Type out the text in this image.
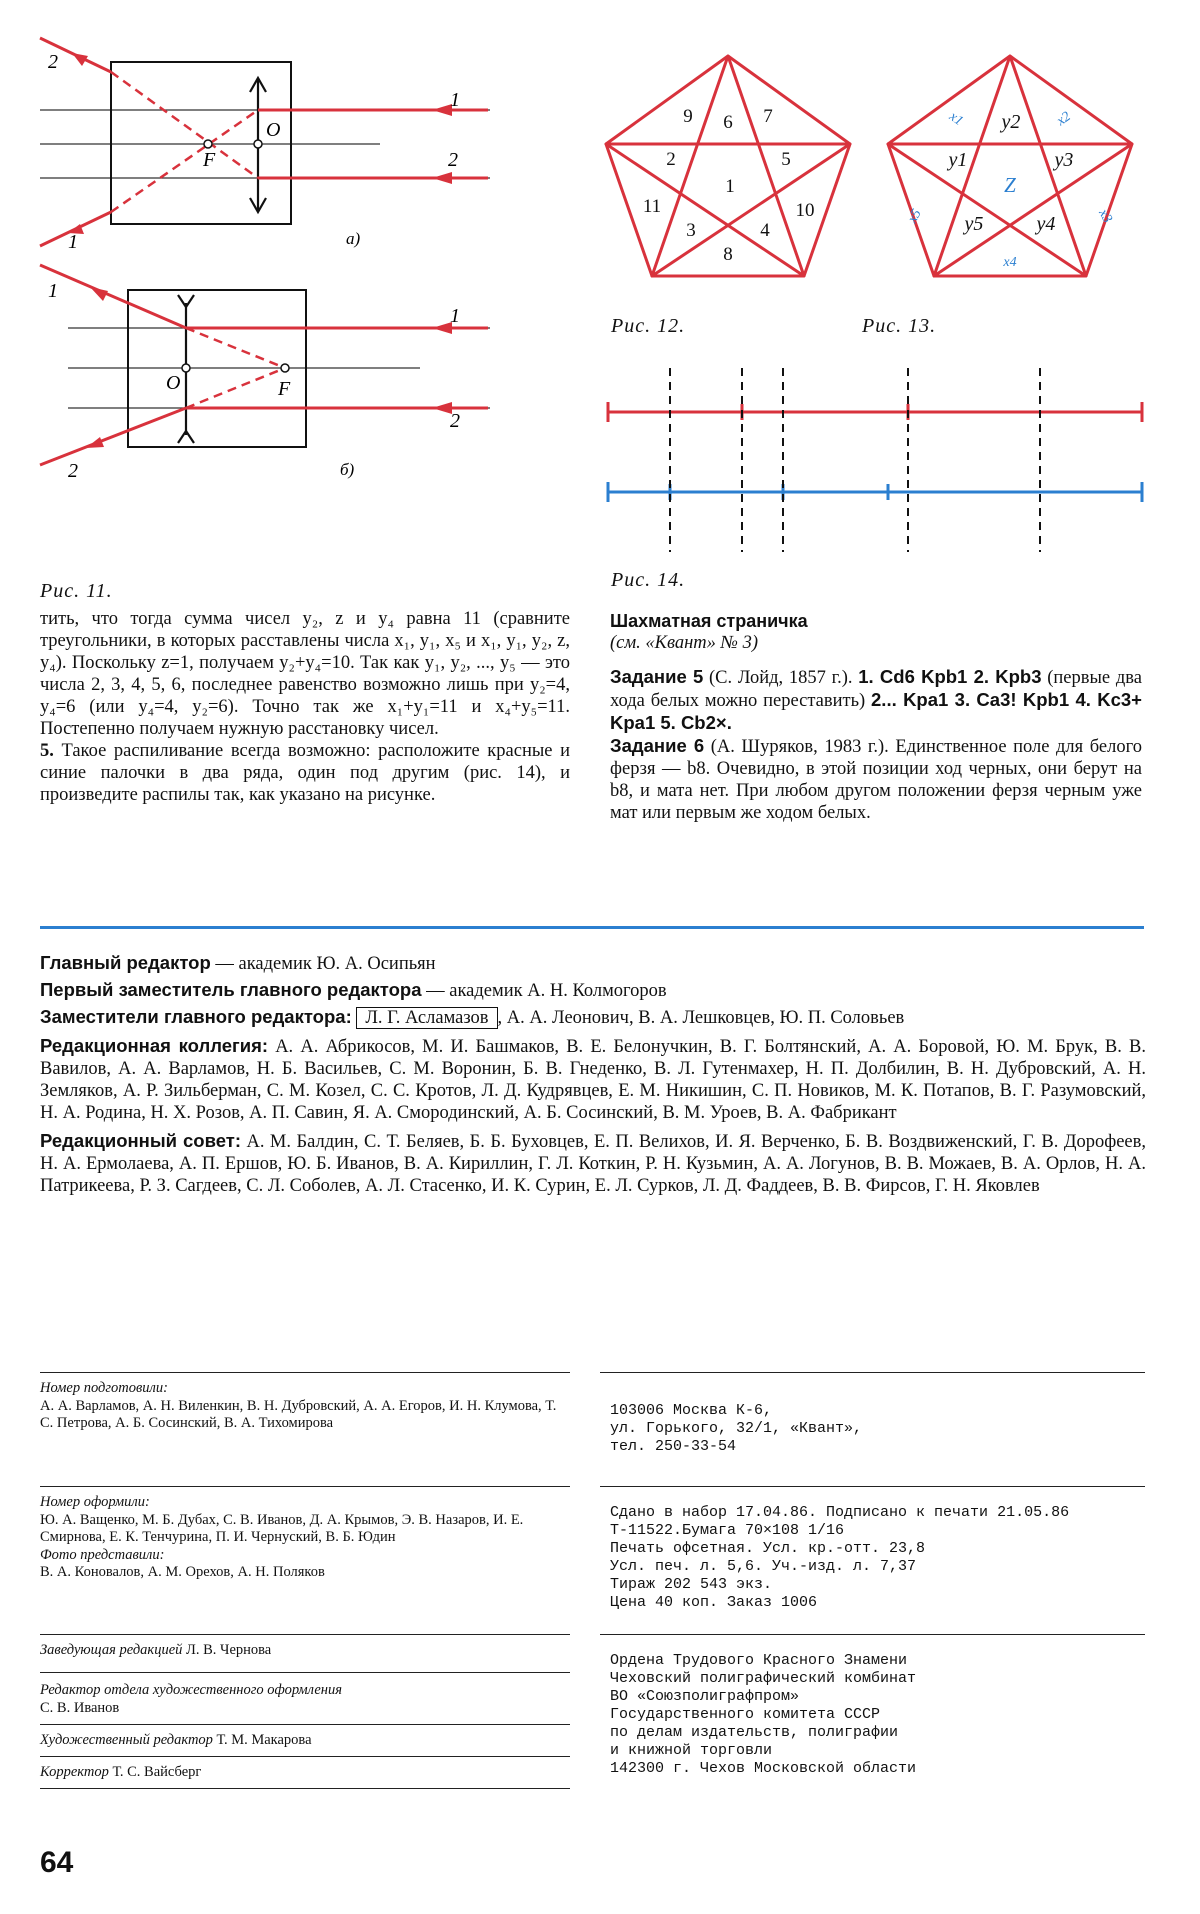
2
1
1
2
O
F
а)
1
2
1
2
O	F
б)
Рис. 11.
9 6 7
2
1
5
11	10
3	4
8
Рис. 12.
y2
y1	y3
y5	y4
Z
x1	x2
x3
x4
x5
Рис. 13.
Рис. 14.

тить, что тогда сумма чисел y₂, z и y₄ равна 11 (сравните треугольники, в которых расставлены числа x₁, y₁, x₅ и x₁, y₁, y₂, z, y₄). Поскольку z=1, получаем y₂+y₄=10. Так как y₁, y₂, ..., y₅ — это числа 2, 3, 4, 5, 6, последнее равенство возможно лишь при y₂=4, y₄=6 (или y₄=4, y₂=6). Точно так же x₁+y₁=11 и x₄+y₅=11. Постепенно получаем нужную расстановку чисел.

5. Такое распиливание всегда возможно: расположите красные и синие палочки в два ряда, один под другим (рис. 14), и произведите распилы так, как указано на рисунке.

Шахматная страничка

(см. «Квант» № 3)

Задание 5 (С. Лойд, 1857 г.). 1. Cd6 Kpb1 2. Kpb3 (первые два хода белых можно переставить) 2... Kpa1 3. Ca3! Kpb1 4. Kc3+ Kpa1 5. Cb2×.

Задание 6 (А. Шуряков, 1983 г.). Единственное поле для белого ферзя — b8. Очевидно, в этой позиции ход черных, они берут на b8, и мата нет. При любом другом положении ферзя черным уже мат или первым же ходом белых.

Главный редактор — академик Ю. А. Осипьян

Первый заместитель главного редактора — академик А. Н. Колмогоров

Заместители главного редактора: Л. Г. Асламазов , А. А. Леонович, В. А. Лешковцев, Ю. П. Соловьев

Редакционная коллегия: А. А. Абрикосов, М. И. Башмаков, В. Е. Белонучкин, В. Г. Болтянский, А. А. Боровой, Ю. М. Брук, В. В. Вавилов, А. А. Варламов, Н. Б. Васильев, С. М. Воронин, Б. В. Гнеденко, В. Л. Гутенмахер, Н. П. Долбилин, В. Н. Дубровский, А. Н. Земляков, А. Р. Зильберман, С. М. Козел, С. С. Кротов, Л. Д. Кудрявцев, Е. М. Никишин, С. П. Новиков, М. К. Потапов, В. Г. Разумовский, Н. А. Родина, Н. Х. Розов, А. П. Савин, Я. А. Смородинский, А. Б. Сосинский, В. М. Уроев, В. А. Фабрикант

Редакционный совет: А. М. Балдин, С. Т. Беляев, Б. Б. Буховцев, Е. П. Велихов, И. Я. Верченко, Б. В. Воздвиженский, Г. В. Дорофеев, Н. А. Ермолаева, А. П. Ершов, Ю. Б. Иванов, В. А. Кириллин, Г. Л. Коткин, Р. Н. Кузьмин, А. А. Логунов, В. В. Можаев, В. А. Орлов, Н. А. Патрикеева, Р. З. Сагдеев, С. Л. Соболев, А. Л. Стасенко, И. К. Сурин, Е. Л. Сурков, Л. Д. Фаддеев, В. В. Фирсов, Г. Н. Яковлев

Номер подготовили:
А. А. Варламов, А. Н. Виленкин, В. Н. Дубровский, А. А. Егоров, И. Н. Клумова, Т. С. Петрова, А. Б. Сосинский, В. А. Тихомирова
Номер оформили:
Ю. А. Ващенко, М. Б. Дубах, С. В. Иванов, Д. А. Крымов, Э. В. Назаров, И. Е. Смирнова, Е. К. Тенчурина, П. И. Чернуский, В. Б. Юдин
Фото представили:
В. А. Коновалов, А. М. Орехов, А. Н. Поляков
Заведующая редакцией Л. В. Чернова
Редактор отдела художественного оформления
С. В. Иванов
Художественный редактор Т. М. Макарова
Корректор Т. С. Вайсберг
103006 Москва К-6,
ул. Горького, 32/1, «Квант»,
тел. 250-33-54
Сдано в набор 17.04.86. Подписано к печати 21.05.86
Т-11522.Бумага 70×108 1/16
Печать офсетная. Усл. кр.-отт. 23,8
Усл. печ. л. 5,6. Уч.-изд. л. 7,37
Тираж 202 543 экз.
Цена 40 коп. Заказ 1006
Ордена Трудового Красного Знамени
Чеховский полиграфический комбинат
ВО «Союзполиграфпром»
Государственного комитета СССР
по делам издательств, полиграфии
и книжной торговли
142300 г. Чехов Московской области
64
